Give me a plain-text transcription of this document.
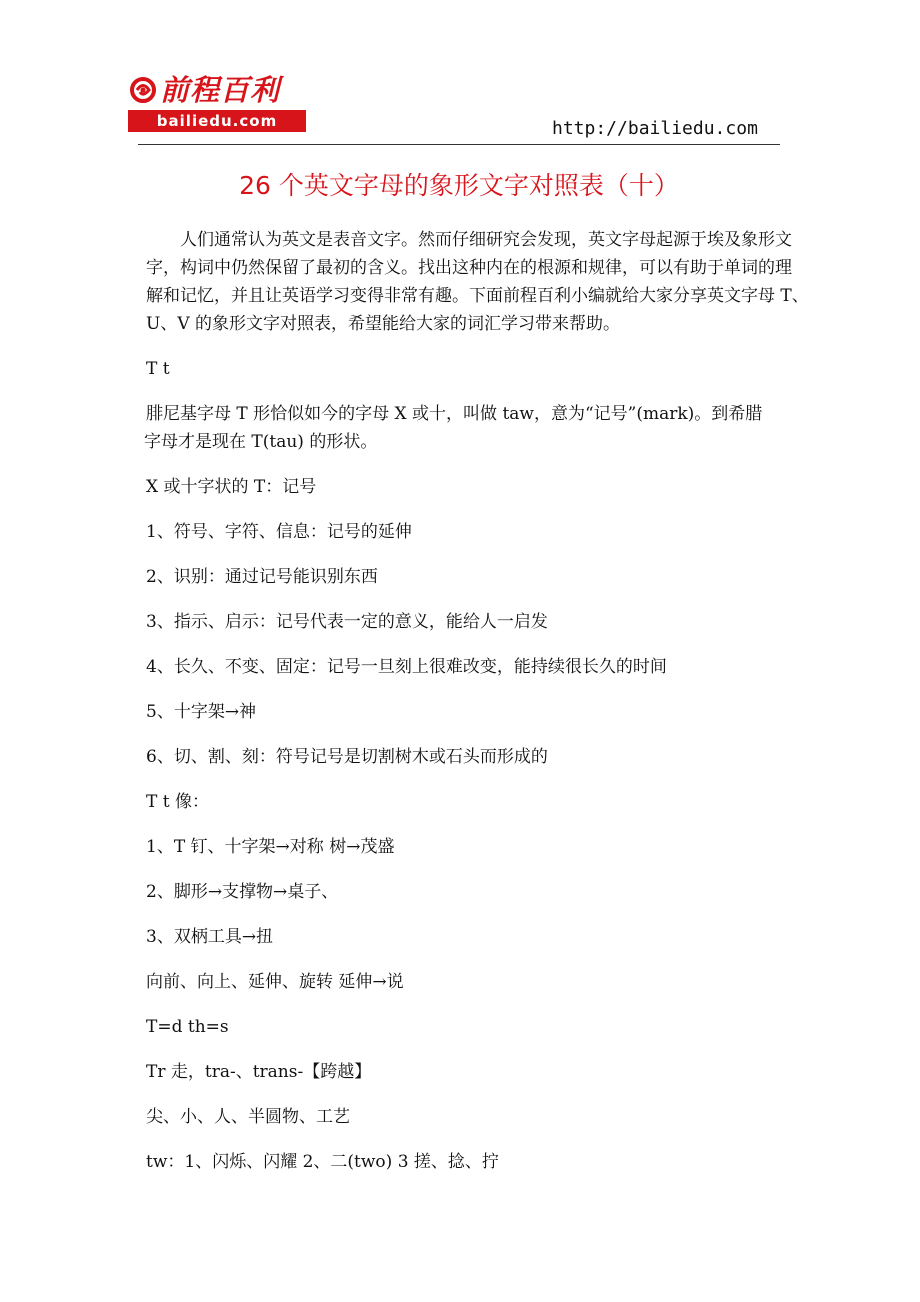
前程百利
bailiedu.com	http://bailiedu.com
26 个英文字母的象形文字对照表（十）
人们通常认为英文是表音文字。然而仔细研究会发现，英文字母起源于埃及象形文
字，构词中仍然保留了最初的含义。找出这种内在的根源和规律，可以有助于单词的理
解和记忆，并且让英语学习变得非常有趣。下面前程百利小编就给大家分享英文字母 T、
U、V 的象形文字对照表，希望能给大家的词汇学习带来帮助。
T t
腓尼基字母 T 形恰似如今的字母 X 或十，叫做 taw，意为“记号”(mark)。到希腊
字母才是现在 T(tau) 的形状。
X 或十字状的 T：记号
1、符号、字符、信息：记号的延伸
2、识别：通过记号能识别东西
3、指示、启示：记号代表一定的意义，能给人一启发
4、长久、不变、固定：记号一旦刻上很难改变，能持续很长久的时间
5、十字架→神
6、切、割、刻：符号记号是切割树木或石头而形成的
T t 像：
1、T 钉、十字架→对称 树→茂盛
2、脚形→支撑物→桌子、
3、双柄工具→扭
向前、向上、延伸、旋转 延伸→说
T=d th=s
Tr 走，tra-、trans-【跨越】
尖、小、人、半圆物、工艺
tw：1、闪烁、闪耀 2、二(two) 3 搓、捻、拧
